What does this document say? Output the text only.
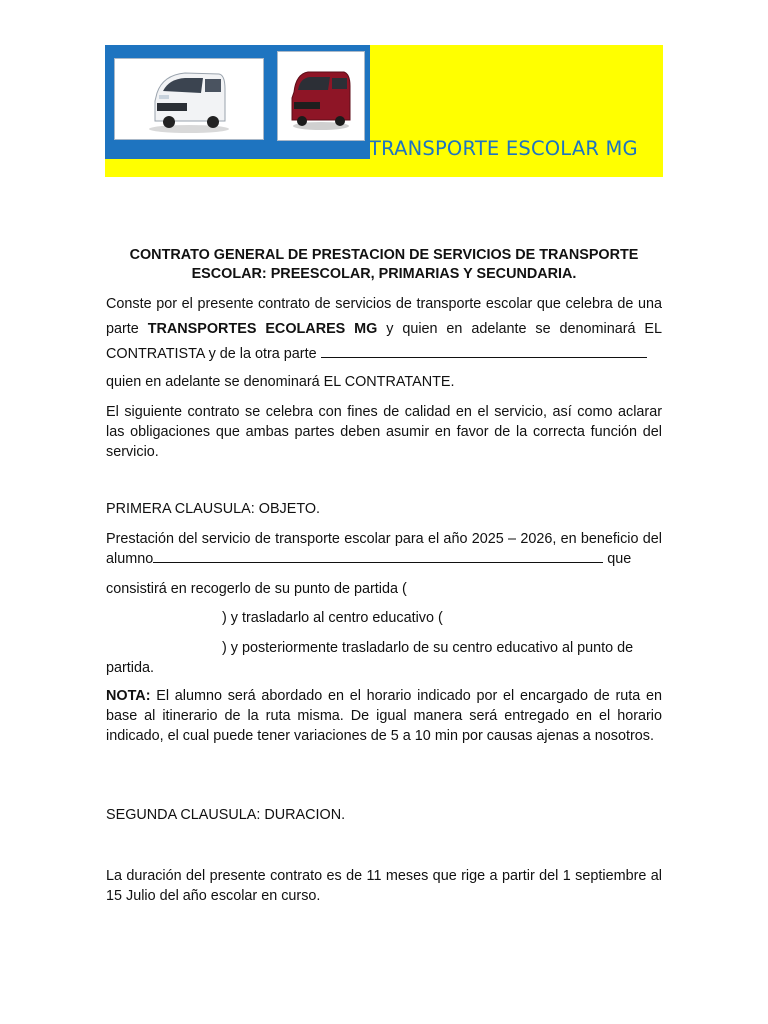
TRANSPORTE ESCOLAR MG
CONTRATO GENERAL DE PRESTACION DE SERVICIOS DE TRANSPORTE
ESCOLAR: PREESCOLAR, PRIMARIAS Y SECUNDARIA.
Conste por el presente contrato de servicios de transporte escolar que celebra de una parte TRANSPORTES ECOLARES MG y quien en adelante se denominará EL CONTRATISTA y de la otra parte
quien en adelante se denominará EL CONTRATANTE.
El siguiente contrato se celebra con fines de calidad en el servicio, así como aclarar las obligaciones que ambas partes deben asumir en favor de la correcta función del servicio.
PRIMERA CLAUSULA: OBJETO.
Prestación del servicio de transporte escolar para el año 2025 – 2026, en beneficio del alumno	que
consistirá en recogerlo de su punto de partida (
) y trasladarlo al centro educativo (
) y posteriormente trasladarlo de su centro educativo al punto de
partida.
NOTA: El alumno será abordado en el horario indicado por el encargado de ruta en base al itinerario de la ruta misma. De igual manera será entregado en el horario indicado, el cual puede tener variaciones de 5 a 10 min por causas ajenas a nosotros.
SEGUNDA CLAUSULA: DURACION.
La duración del presente contrato es de 11 meses que rige a partir del 1 septiembre al 15 Julio del año escolar en curso.
